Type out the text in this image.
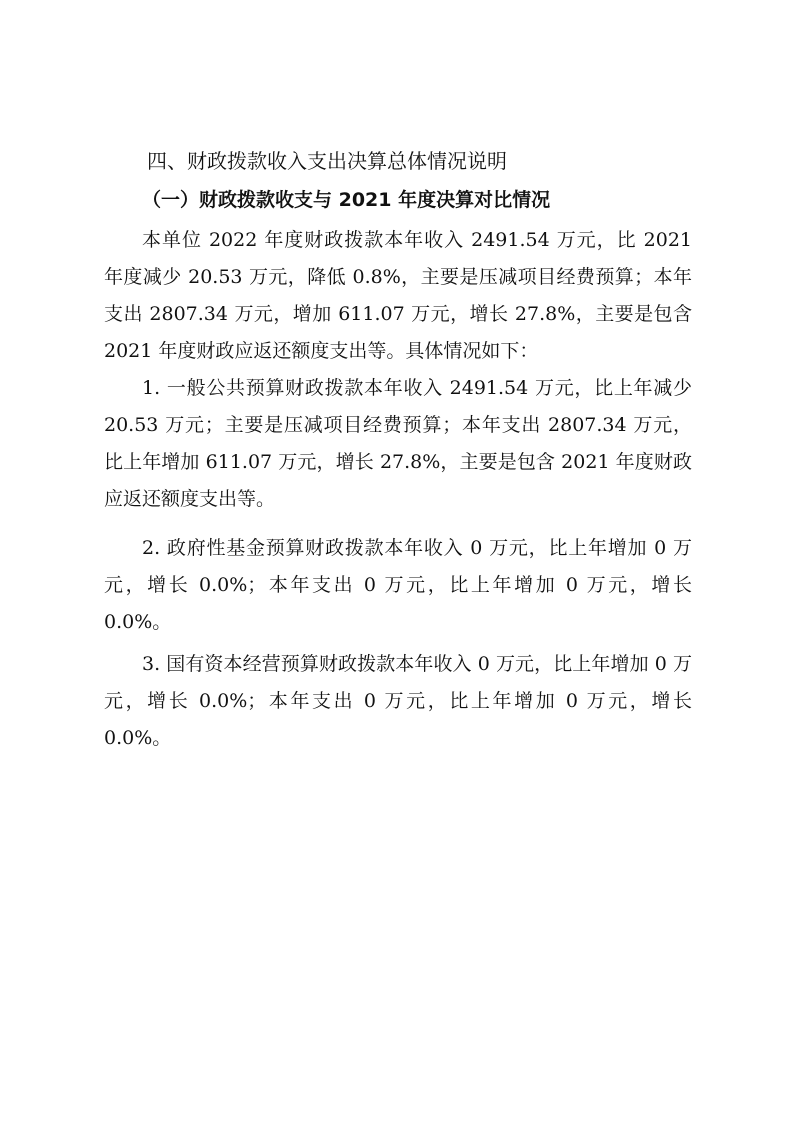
四、财政拨款收入支出决算总体情况说明
（一）财政拨款收支与 2021 年度决算对比情况

本单位 2022 年度财政拨款本年收入 2491.54 万元，比 2021 年度减少 20.53 万元，降低 0.8%，主要是压减项目经费预算；本年支出 2807.34 万元，增加 611.07 万元，增长 27.8%，主要是包含 2021 年度财政应返还额度支出等。具体情况如下：

1. 一般公共预算财政拨款本年收入 2491.54 万元，比上年减少 20.53 万元；主要是压减项目经费预算；本年支出 2807.34 万元，比上年增加 611.07 万元，增长 27.8%，主要是包含 2021 年度财政应返还额度支出等。

2. 政府性基金预算财政拨款本年收入 0 万元，比上年增加 0 万元，增长 0.0%；本年支出 0 万元，比上年增加 0 万元，增长 0.0%。

3. 国有资本经营预算财政拨款本年收入 0 万元，比上年增加 0 万元，增长 0.0%；本年支出 0 万元，比上年增加 0 万元，增长 0.0%。
